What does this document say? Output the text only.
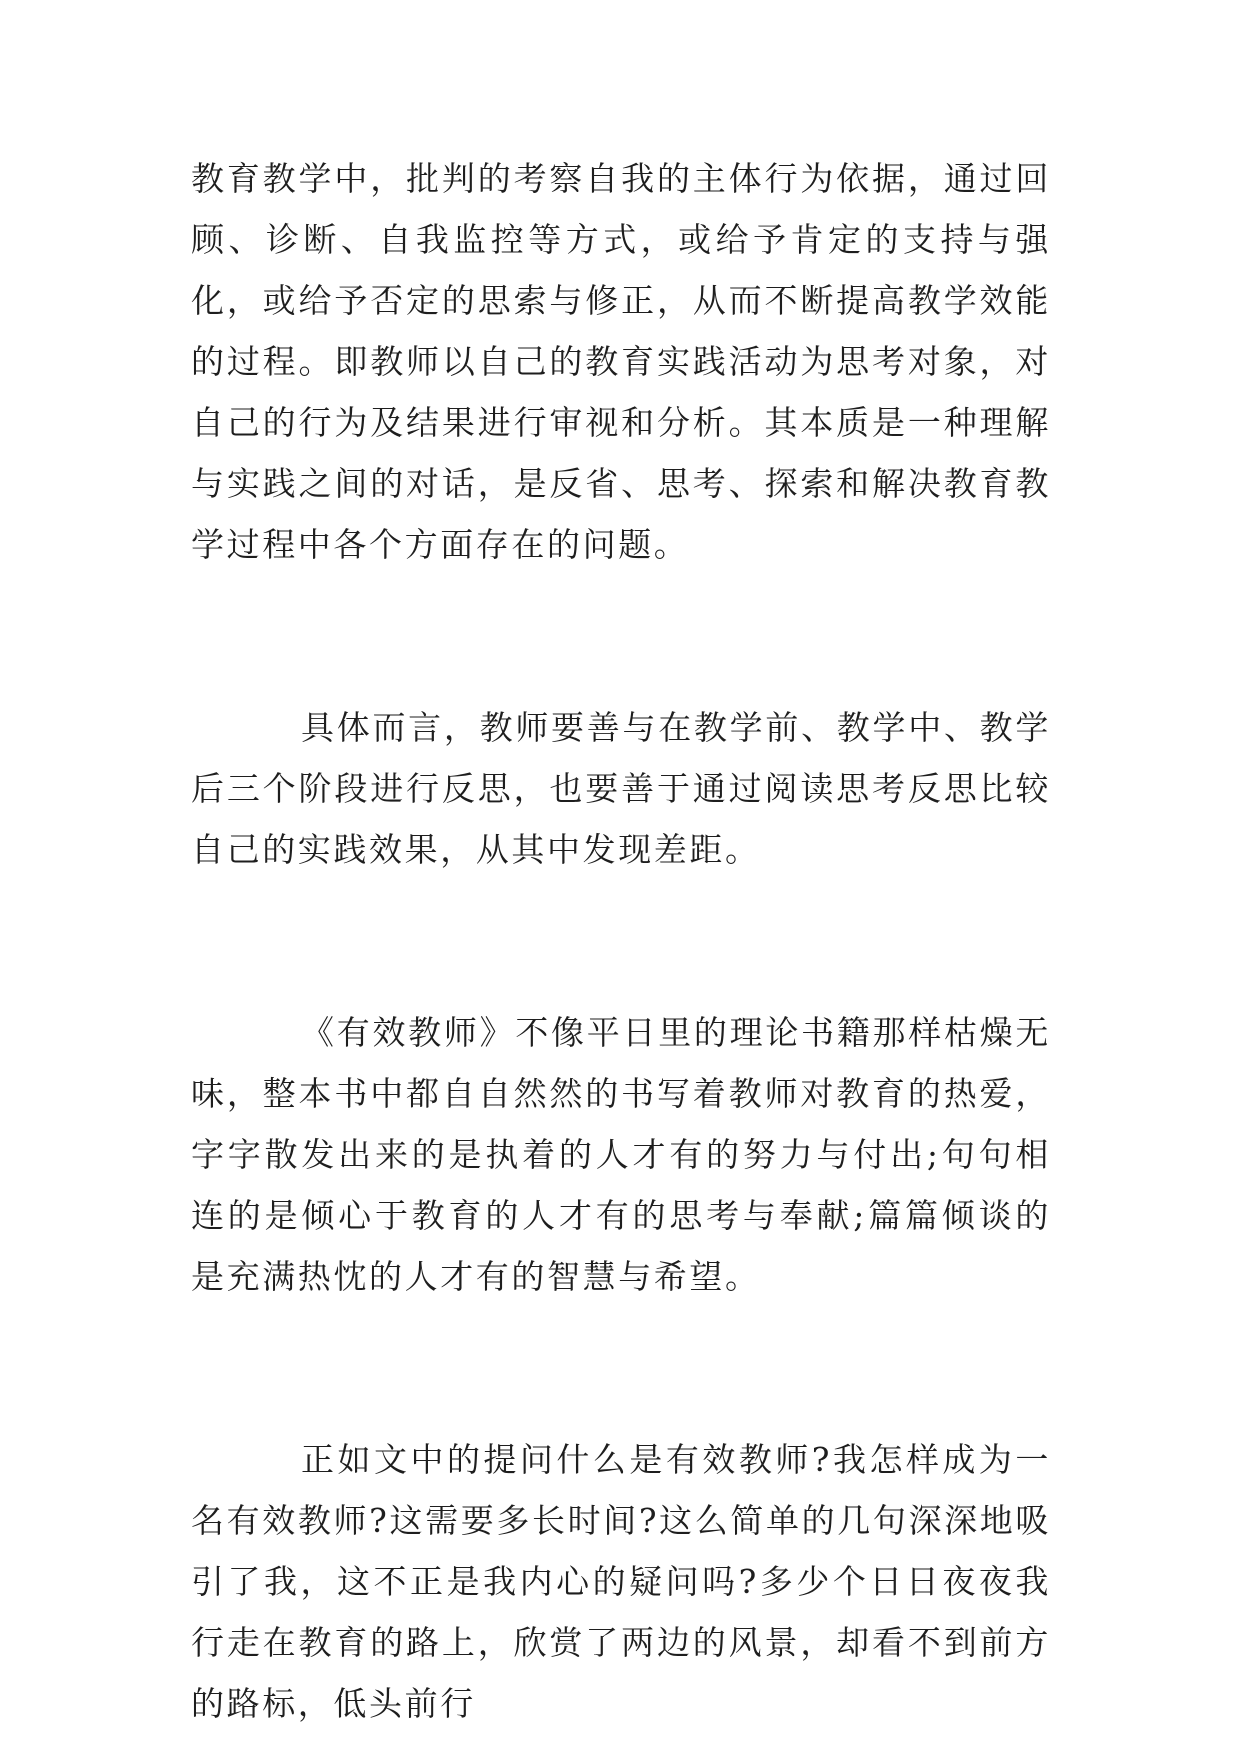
教育教学中，批判的考察自我的主体行为依据，通过回顾、诊断、自我监控等方式，或给予肯定的支持与强化，或给予否定的思索与修正，从而不断提高教学效能的过程。即教师以自己的教育实践活动为思考对象，对自己的行为及结果进行审视和分析。其本质是一种理解与实践之间的对话，是反省、思考、探索和解决教育教学过程中各个方面存在的问题。

具体而言，教师要善与在教学前、教学中、教学后三个阶段进行反思，也要善于通过阅读思考反思比较自己的实践效果，从其中发现差距。

《有效教师》不像平日里的理论书籍那样枯燥无味，整本书中都自自然然的书写着教师对教育的热爱，字字散发出来的是执着的人才有的努力与付出;句句相连的是倾心于教育的人才有的思考与奉献;篇篇倾谈的是充满热忱的人才有的智慧与希望。

正如文中的提问什么是有效教师?我怎样成为一名有效教师?这需要多长时间?这么简单的几句深深地吸引了我，这不正是我内心的疑问吗?多少个日日夜夜我行走在教育的路上，欣赏了两边的风景，却看不到前方的路标，低头前行
